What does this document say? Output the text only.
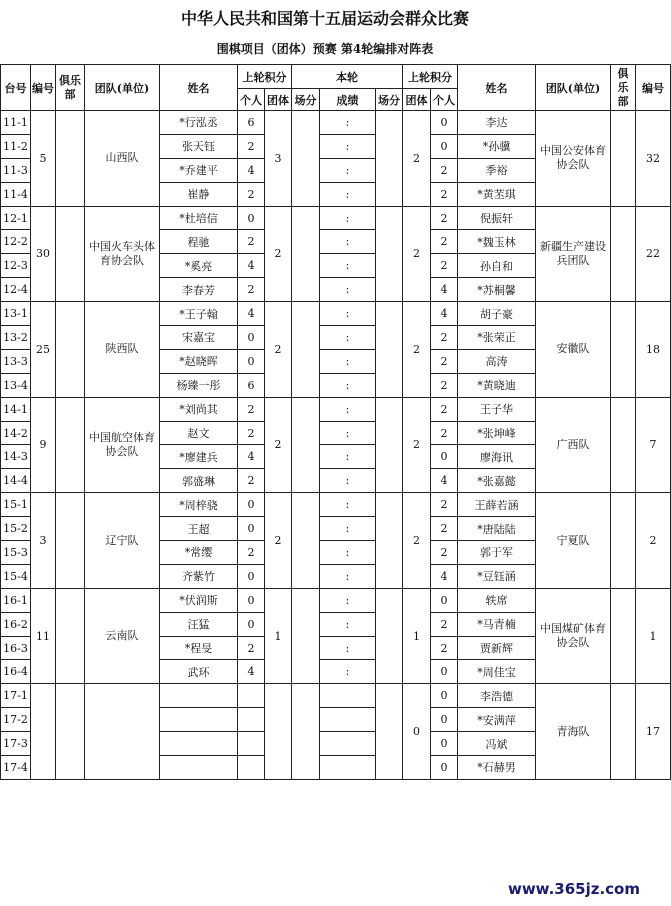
中华人民共和国第十五届运动会群众比赛
围棋项目（团体）预赛 第4轮编排对阵表
台号	编号	俱乐部	团队(单位)	姓名	上轮积分		本轮			上轮积分		姓名	团队(单位)	俱乐部	编号
					个人	团体	场分	成绩	场分	团体	个人				
11-1	5		山西队	*行泓丞	6	3		:		2	0	李达	中国公安体育协会队		32
11-2				张天钰	2			:			0	*孙骥			
11-3				*乔建平	4			:			2	季裕			
11-4				崔静	2			:			2	*黄苤琪			
12-1	30		中国火车头体育协会队	*杜培信	0	2		:		2	2	倪振轩	新疆生产建设兵团队		22
12-2				程驰	2			:			2	*魏玉林			
12-3				*奚亮	4			:			2	孙自和			
12-4				李春芳	2			:			4	*苏桐馨			
13-1	25		陕西队	*王子翰	4	2		:		2	4	胡子豪	安徽队		18
13-2				宋嘉宝	0			:			2	*张荣正			
13-3				*赵晓晖	0			:			2	高涛			
13-4				杨臻一彤	6			:			2	*黄晓迪			
14-1	9		中国航空体育协会队	*刘尚其	2	2		:		2	2	王子华	广西队		7
14-2				赵文	2			:			2	*张坤峰			
14-3				*廖建兵	4			:			0	廖海讯			
14-4				郭盛琳	2			:			4	*张嘉懿			
15-1	3		辽宁队	*周梓骁	0	2		:		2	2	王薛若涵	宁夏队		2
15-2				王超	0			:			2	*唐陆陆			
15-3				*常缨	2			:			2	郭于军			
15-4				齐紫竹	0			:			4	*豆钰涵			
16-1	11		云南队	*伏润斯	0	1		:		1	0	轶席	中国煤矿体育协会队		1
16-2				汪猛	0			:			2	*马青楠			
16-3				*程旻	2			:			2	贾新辉			
16-4				武环	4			:			0	*周佳宝			
17-1										0	0	李浩德	青海队		17
17-2											0	*安满萍			
17-3											0	冯斌			
17-4											0	*石赫男			
www.365jz.com
